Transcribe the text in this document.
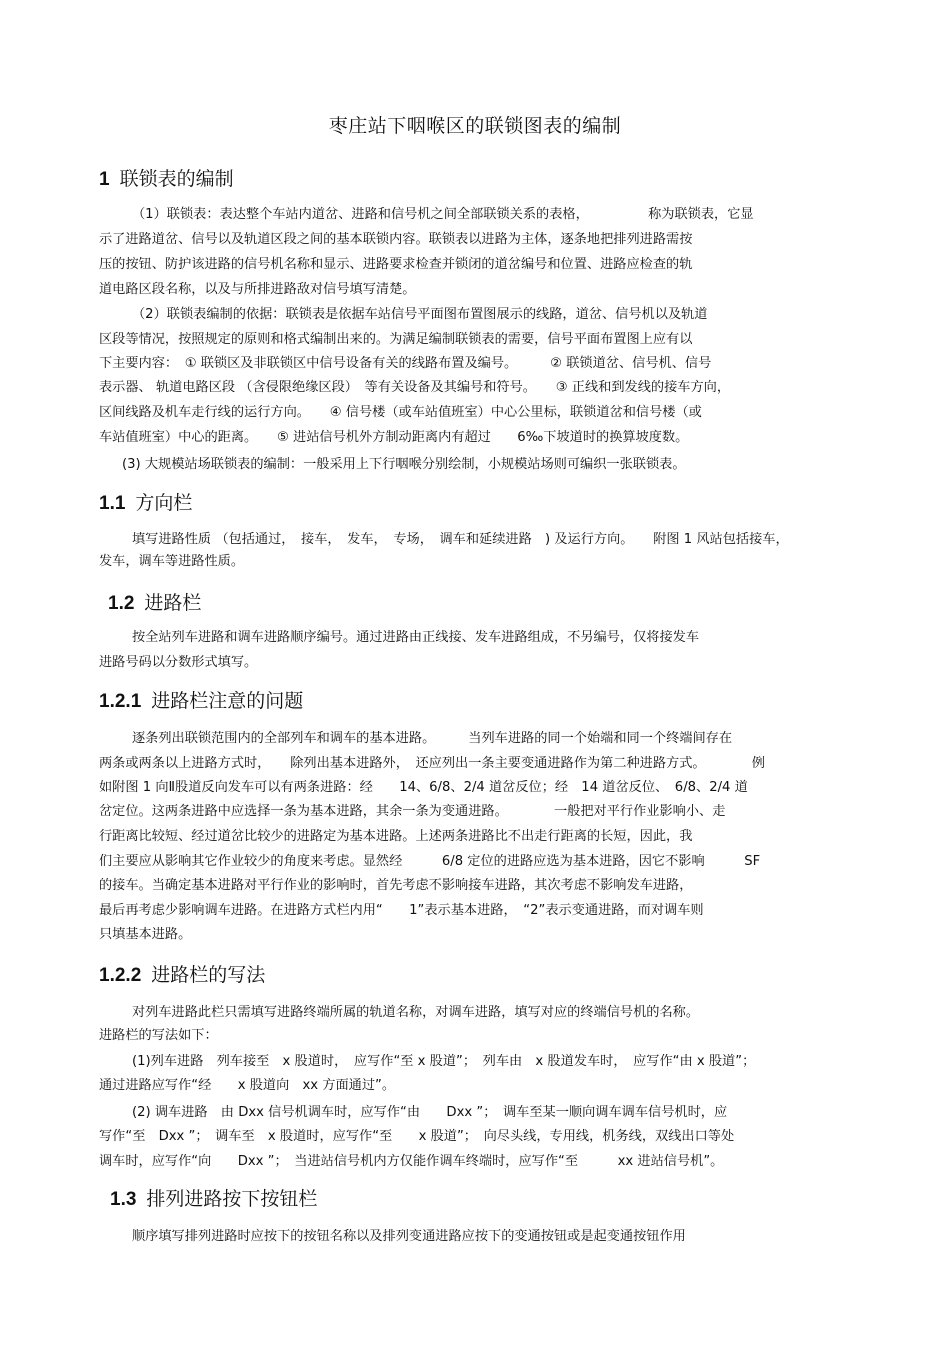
枣庄站下咽喉区的联锁图表的编制
1 联锁表的编制
（1）联锁表：表达整个车站内道岔、进路和信号机之间全部联锁关系的表格，　　　　　称为联锁表，它显
示了进路道岔、信号以及轨道区段之间的基本联锁内容。联锁表以进路为主体，逐条地把排列进路需按
压的按钮、防护该进路的信号机名称和显示、进路要求检查并锁闭的道岔编号和位置、进路应检查的轨
道电路区段名称，以及与所排进路敌对信号填写清楚。
（2）联锁表编制的依据：联锁表是依据车站信号平面图布置图展示的线路，道岔、信号机以及轨道
区段等情况，按照规定的原则和格式编制出来的。为满足编制联锁表的需要，信号平面布置图上应有以
下主要内容：　① 联锁区及非联锁区中信号设备有关的线路布置及编号。　　　② 联锁道岔、信号机、信号
表示器、 轨道电路区段 （含侵限绝缘区段）　等有关设备及其编号和符号。　　③ 正线和到发线的接车方向，
区间线路及机车走行线的运行方向。　　④ 信号楼（或车站值班室）中心公里标，联锁道岔和信号楼（或
车站值班室）中心的距离。　　⑤ 进站信号机外方制动距离内有超过　　6‰下坡道时的换算坡度数。
(3) 大规模站场联锁表的编制：一般采用上下行咽喉分别绘制，小规模站场则可编织一张联锁表。
1.1 方向栏
填写进路性质 （包括通过，　接车，　发车，　专场，　调车和延续进路　) 及运行方向。　　附图 1 风站包括接车，
发车，调车等进路性质。
1.2 进路栏
按全站列车进路和调车进路顺序编号。通过进路由正线接、发车进路组成，不另编号，仅将接发车
进路号码以分数形式填写。
1.2.1 进路栏注意的问题
逐条列出联锁范围内的全部列车和调车的基本进路。　　　当列车进路的同一个始端和同一个终端间存在
两条或两条以上进路方式时，　　除列出基本进路外，　还应列出一条主要变通进路作为第二种进路方式。　　　　例
如附图 1 向Ⅱ股道反向发车可以有两条进路：经　　14、6/8、2/4 道岔反位；经　14 道岔反位、　6/8、2/4 道
岔定位。这两条进路中应选择一条为基本进路，其余一条为变通进路。　　　　一般把对平行作业影响小、走
行距离比较短、经过道岔比较少的进路定为基本进路。上述两条进路比不出走行距离的长短，因此，我
们主要应从影响其它作业较少的角度来考虑。显然经　　　6/8 定位的进路应选为基本进路，因它不影响　　　SF
的接车。当确定基本进路对平行作业的影响时，首先考虑不影响接车进路，其次考虑不影响发车进路，
最后再考虑少影响调车进路。在进路方式栏内用“　　1”表示基本进路，　“2”表示变通进路，而对调车则
只填基本进路。
1.2.2 进路栏的写法
对列车进路此栏只需填写进路终端所属的轨道名称，对调车进路，填写对应的终端信号机的名称。
进路栏的写法如下：
(1)列车进路　列车接至　x 股道时，　应写作“至 x 股道”；　列车由　x 股道发车时，　应写作“由 x 股道”；
通过进路应写作“经　　x 股道向　xx 方面通过”。
(2) 调车进路　由 Dxx 信号机调车时，应写作“由　　Dxx ”；　调车至某一顺向调车调车信号机时，应
写作“至　Dxx ”；　调车至　x 股道时，应写作“至　　x 股道”；　向尽头线，专用线，机务线，双线出口等处
调车时，应写作“向　　Dxx ”；　当进站信号机内方仅能作调车终端时，应写作“至　　　xx 进站信号机”。
1.3 排列进路按下按钮栏
顺序填写排列进路时应按下的按钮名称以及排列变通进路应按下的变通按钮或是起变通按钮作用
